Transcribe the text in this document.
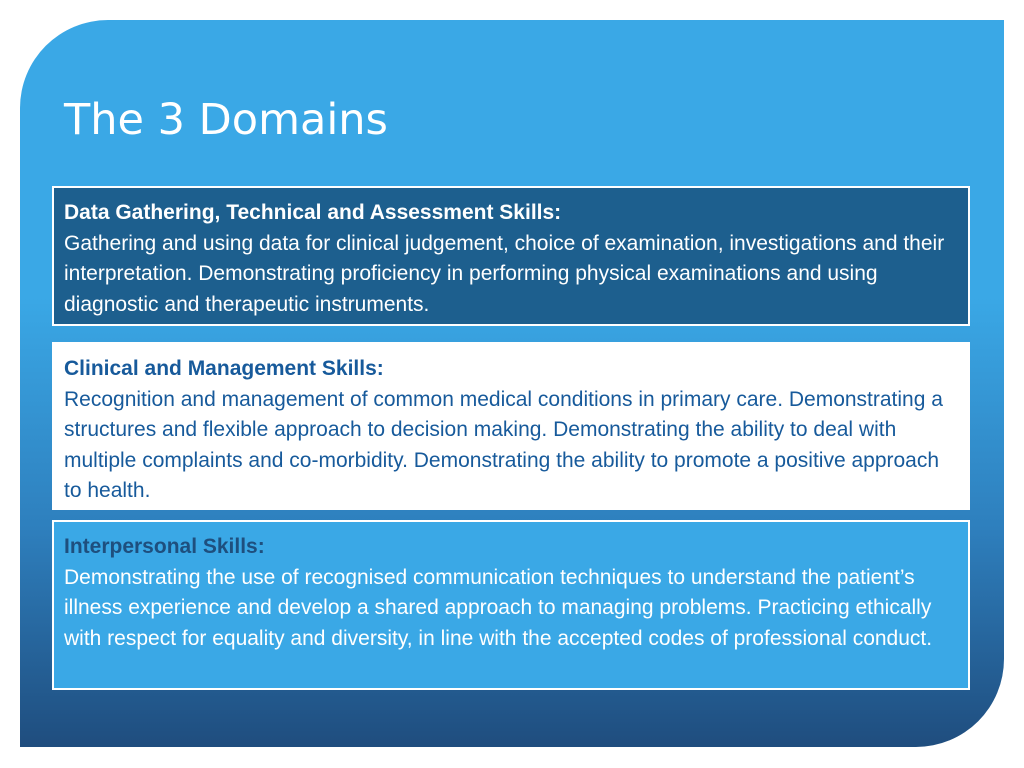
The 3 Domains
Data Gathering, Technical and Assessment Skills:
Gathering and using data for clinical judgement, choice of examination, investigations and their interpretation. Demonstrating proficiency in performing physical examinations and using diagnostic and therapeutic instruments.
Clinical and Management Skills:
Recognition and management of common medical conditions in primary care. Demonstrating a structures and flexible approach to decision making. Demonstrating the ability to deal with multiple complaints and co-morbidity. Demonstrating the ability to promote a positive approach to health.
Interpersonal Skills:
Demonstrating the use of recognised communication techniques to understand the patient’s illness experience and develop a shared approach to managing problems. Practicing ethically with respect for equality and diversity, in line with the accepted codes of professional conduct.
